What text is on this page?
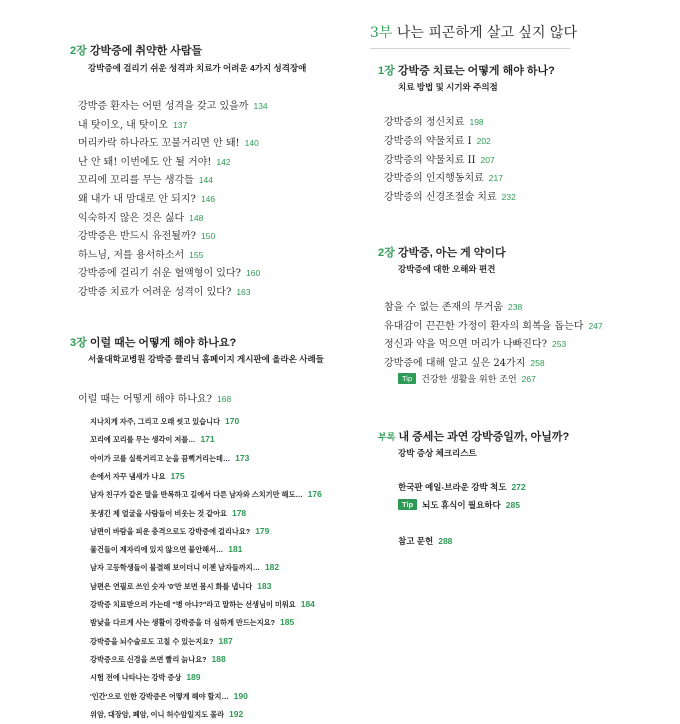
2장 강박증에 취약한 사람들
강박증에 걸리기 쉬운 성격과 치료가 어려운 4가지 성격장애
강박증 환자는 어떤 성격을 갖고 있을까 134
내 탓이오, 내 탓이오 137
머리카락 하나라도 꼬불거리면 안 돼! 140
난 안 돼! 이번에도 안 될 거야! 142
꼬리에 꼬리를 무는 생각들 144
왜 내가 내 맘대로 안 되지? 146
익숙하지 않은 것은 싫다 148
강박증은 반드시 유전될까? 150
하느님, 저를 용서하소서 155
강박증에 걸리기 쉬운 혈액형이 있다? 160
강박증 치료가 어려운 성격이 있다? 163
3장 이럴 때는 어떻게 해야 하나요?
서울대학교병원 강박증 클리닉 홈페이지 게시판에 올라온 사례들
이럴 때는 어떻게 해야 하나요? 168
지나치게 자주, 그리고 오래 씻고 있습니다 170
꼬리에 꼬리를 무는 생각이 저를… 171
아이가 코를 실룩거리고 눈을 끔뻑거리는데… 173
손에서 자꾸 냄새가 나요 175
남자 친구가 같은 말을 반복하고 길에서 다른 남자와 스치기만 해도… 176
못생긴 제 얼굴을 사람들이 비웃는 것 같아요 178
남편이 바람을 피운 충격으로도 강박증에 걸리나요? 179
물건들이 제자리에 있지 않으면 불안해서… 181
남자 고등학생들이 불결해 보이더니 이젠 남자들까지… 182
남편은 연필로 쓰인 숫자 '0'만 보면 몸시 화를 냅니다 183
강박증 치료받으러 가는데 "병 아냐?"라고 말하는 선생님이 미워요 184
밤낮을 다르게 사는 생활이 강박증을 더 심하게 만드는지요? 185
강박증을 뇌수술로도 고칠 수 있는지요? 187
강박증으로 신경을 쓰면 빨리 늙나요? 188
시험 전에 나타나는 강박 증상 189
'인간'으로 인한 강박증은 어떻게 해야 할지… 190
위암, 대장암, 폐암, 이니 허수암일지도 몰라 192
3부 나는 피곤하게 살고 싶지 않다
1장 강박증 치료는 어떻게 해야 하나?
치료 방법 및 시기와 주의점
강박증의 정신치료 198
강박증의 약물치료 I 202
강박증의 약물치료 II 207
강박증의 인지행동치료 217
강박증의 신경조절술 치료 232
2장 강박증, 아는 게 약이다
강박증에 대한 오해와 편견
참을 수 없는 존재의 무거움 238
유대감이 끈끈한 가정이 환자의 회복을 돕는다 247
정신과 약을 먹으면 머리가 나빠진다? 253
강박증에 대해 알고 싶은 24가지 258
Tip 건강한 생활을 위한 조언 267
부록 내 증세는 과연 강박증일까, 아닐까?
강박 증상 체크리스트
한국판 예일-브라운 강박 척도 272
Tip 뇌도 휴식이 필요하다 285
참고 문헌 288
